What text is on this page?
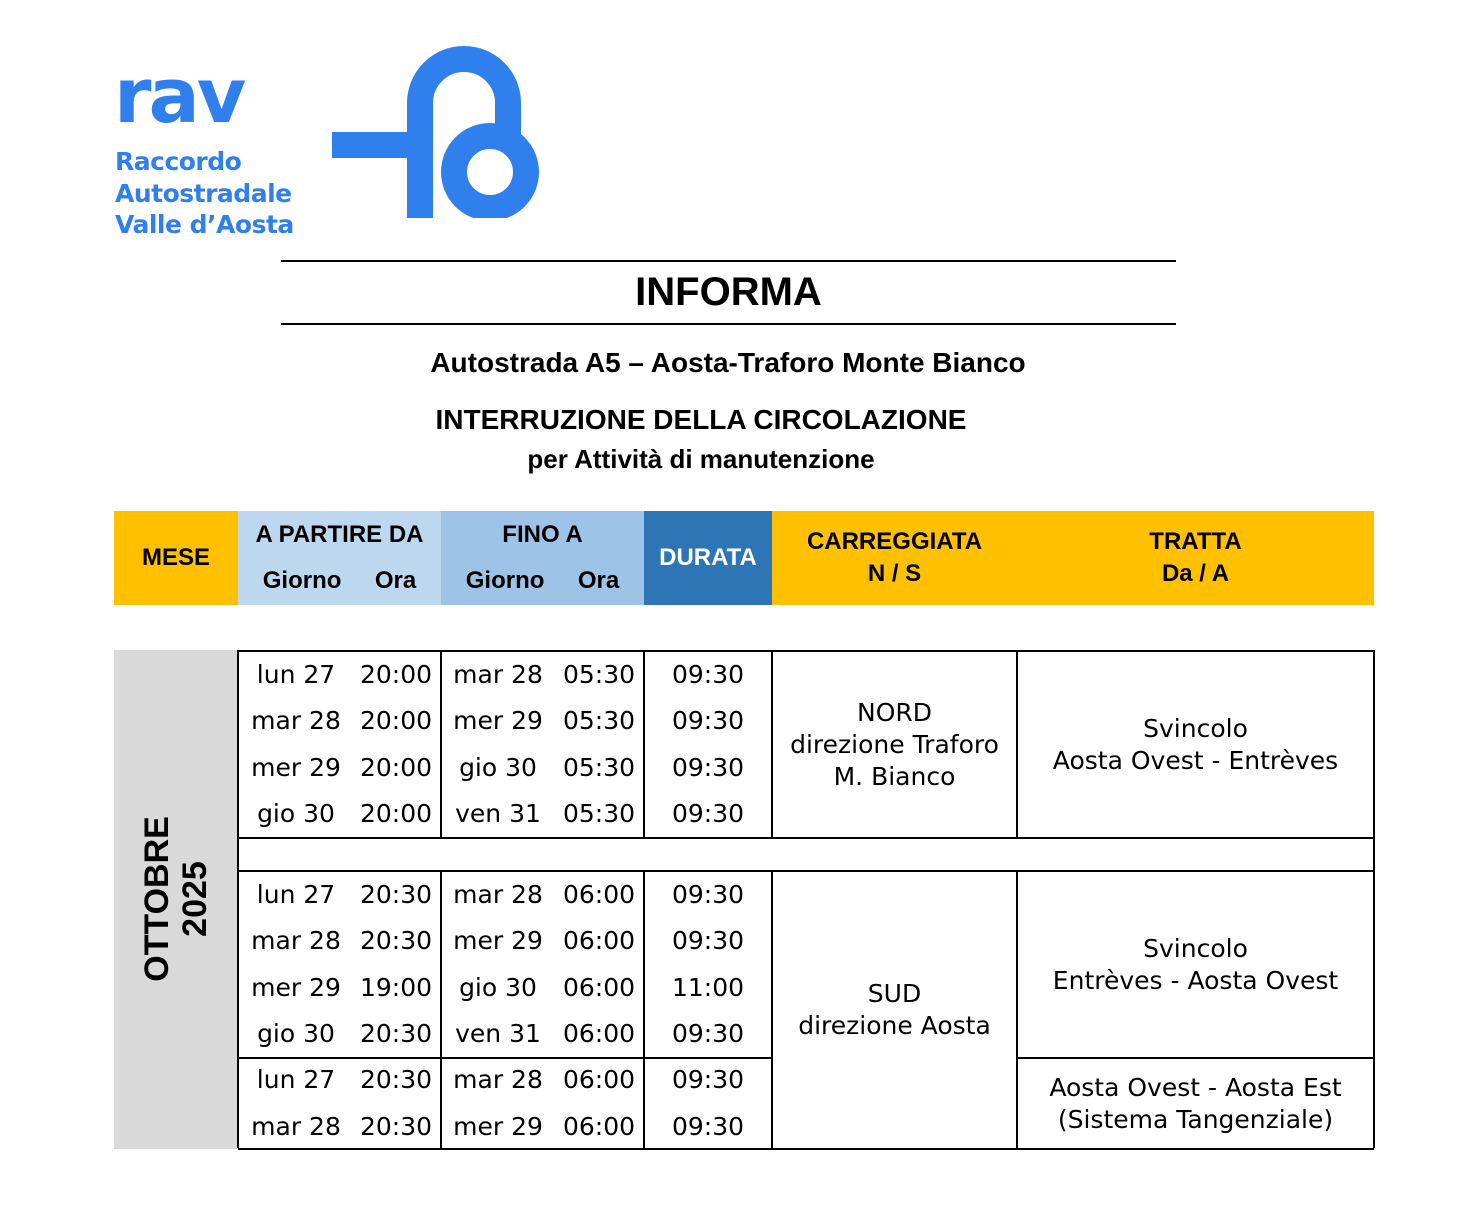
rav
Raccordo
Autostradale
Valle d’Aosta
INFORMA
Autostrada A5 – Aosta-Traforo Monte Bianco
INTERRUZIONE DELLA CIRCOLAZIONE
per Attività di manutenzione
MESE
A PARTIRE DA
Giorno Ora
FINO A
Giorno Ora
DURATA
CARREGGIATA
N / S
TRATTA
Da / A
OTTOBRE 2025
lun 27 20:00 mar 28 05:30	09:30
mar 28 20:00 mer 29 05:30	09:30
mer 29 20:00	gio 30	05:30	09:30
gio 30	20:00 ven 31 05:30	09:30
Svincolo
Aosta Ovest - Entrèves
NORD
direzione Traforo
M. Bianco
lun 27 20:30 mar 28 06:00	09:30
mar 28 20:30 mer 29 06:00	09:30
mer 29 19:00	gio 30	06:00	11:00
gio 30	20:30 ven 31 06:00	09:30
Svincolo
Entrèves - Aosta Ovest
lun 27 20:30 mar 28 06:00	09:30
mar 28 20:30 mer 29 06:00	09:30
Aosta Ovest - Aosta Est
(Sistema Tangenziale)
SUD
direzione Aosta
